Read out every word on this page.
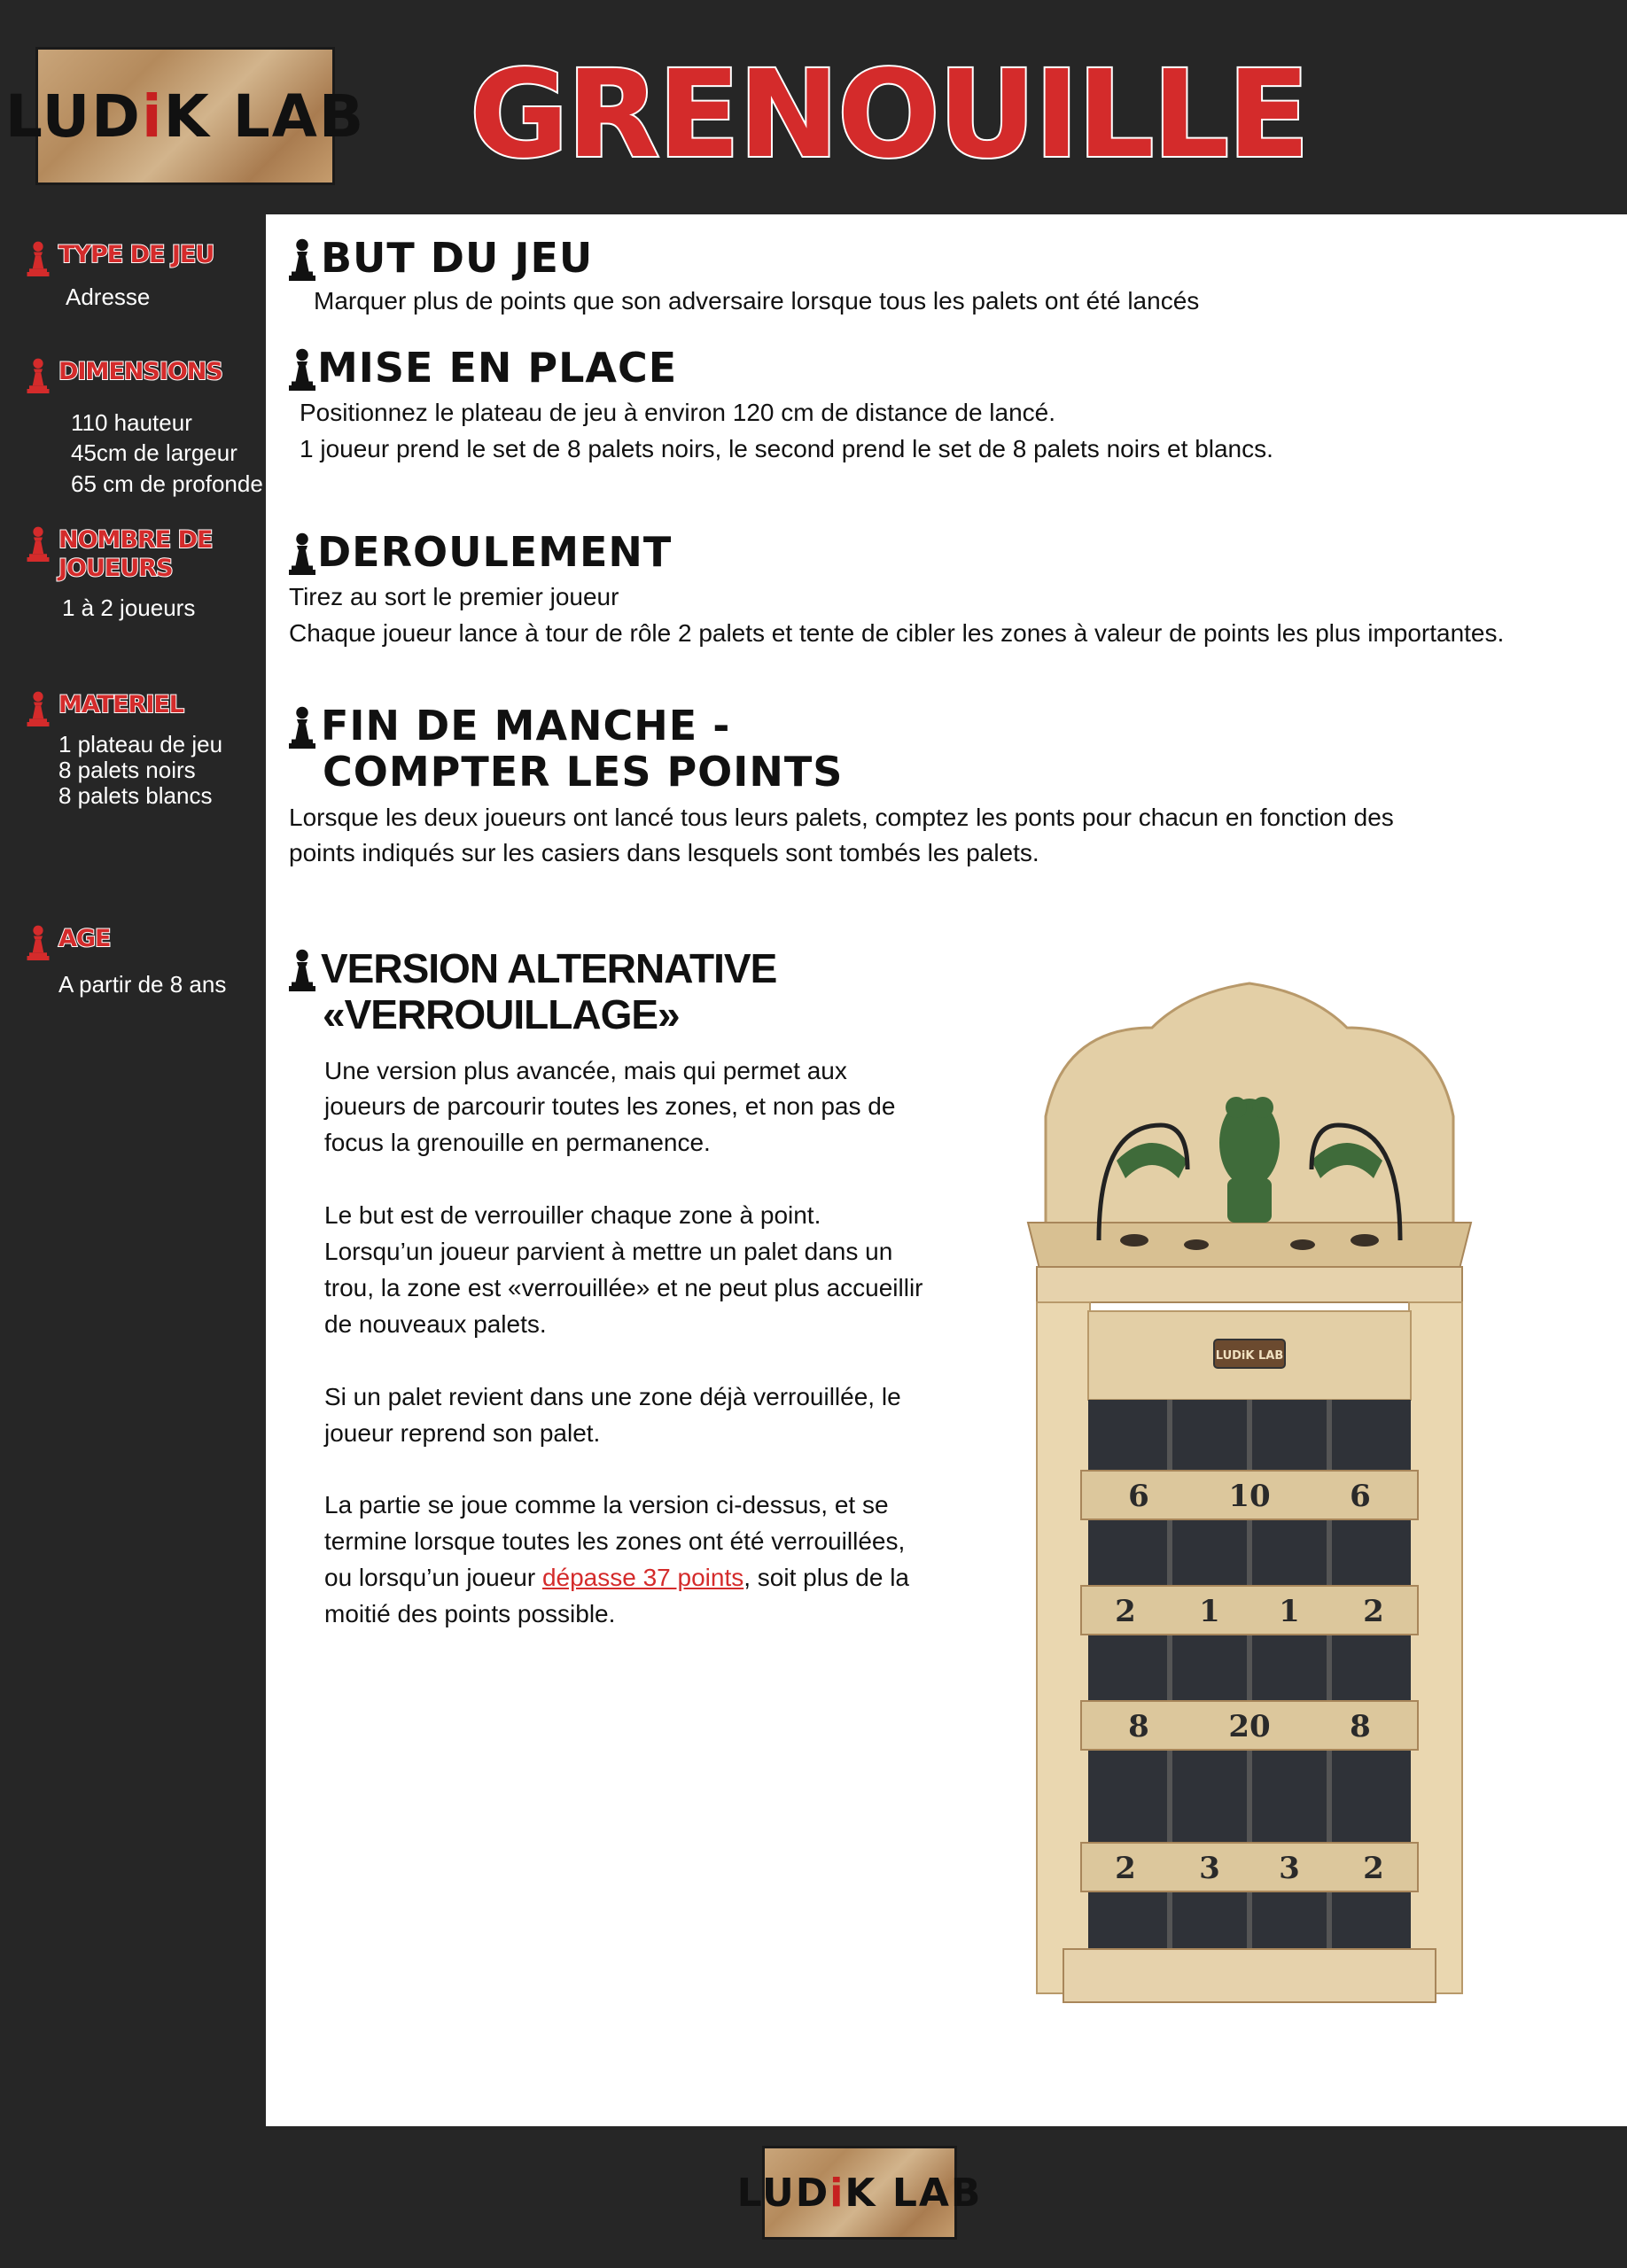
LUD i K LAB GRENOUILLE
TYPE DE JEU
Adresse
DIMENSIONS
110 hauteur
45cm de largeur
65 cm de profonde
NOMBRE DE JOUEURS
1 à 2 joueurs
MATERIEL
1 plateau de jeu
8 palets noirs
8 palets blancs
AGE
A partir de 8 ans
BUT DU JEU
Marquer plus de points que son adversaire lorsque tous les palets ont été lancés
MISE EN PLACE
Positionnez le plateau de jeu à environ 120 cm de distance de lancé.
1 joueur prend le set de 8 palets noirs, le second prend le set de 8 palets noirs et blancs.
DEROULEMENT
Tirez au sort le premier joueur
Chaque joueur lance à tour de rôle 2 palets et tente de cibler les zones à valeur de points les plus importantes.
FIN DE MANCHE -
COMPTER LES POINTS
Lorsque les deux joueurs ont lancé tous leurs palets, comptez les ponts pour chacun en fonction des
points indiqués sur les casiers dans lesquels sont tombés les palets.
VERSION ALTERNATIVE
«VERROUILLAGE»
Une version plus avancée, mais qui permet aux
joueurs de parcourir toutes les zones, et non pas de
focus la grenouille en permanence.
Le but est de verrouiller chaque zone à point.
Lorsqu’un joueur parvient à mettre un palet dans un
trou, la zone est «verrouillée» et ne peut plus accueillir
de nouveaux palets.
Si un palet revient dans une zone déjà verrouillée, le
joueur reprend son palet.
La partie se joue comme la version ci-dessus, et se
termine lorsque toutes les zones ont été verrouillées,
ou lorsqu’un joueur dépasse 37 points, soit plus de la
moitié des points possible.
LUDiK LAB
6	10	6
2 1 1 2
8	20	8
2 3 3 2
LUD i K LAB
